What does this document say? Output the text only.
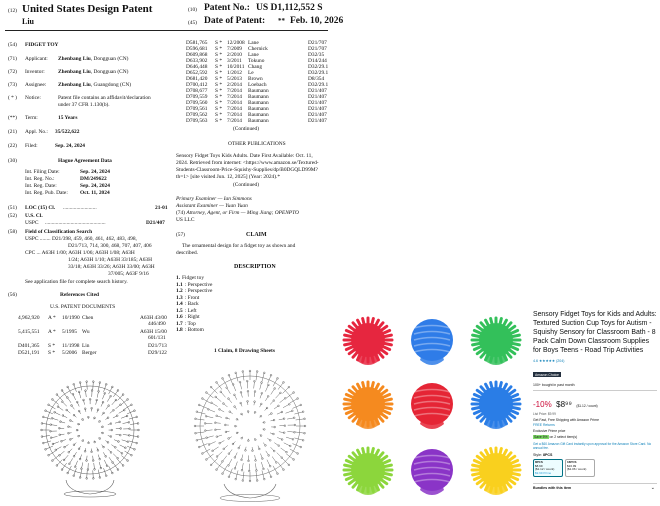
(12) United States Design Patent
Liu
(10) Patent No.: US D1,112,552 S
(45) Date of Patent: ** Feb. 10, 2026
(54) FIDGET TOY
(71) Applicant: Zhenbang Liu, Dongguan (CN)
(72) Inventor: Zhenbang Liu, Dongguan (CN)
(73) Assignee: Zhenbang Liu, Guangdong (CN)
( * ) Notice:	Patent file contains an affidavit/declaration
under 37 CFR 1.130(b).
(**) Term:	15 Years
(21) Appl. No.: 35/522,622
(22) Filed:	Sep. 24, 2024
(30)	Hague Agreement Data
Int. Filing Date:	Sep. 24, 2024
Int. Reg. No.:	DM/249622
Int. Reg. Date:	Sep. 24, 2024
Int. Reg. Pub. Date: Oct. 11, 2024
(51) LOC (15) Cl. .........................	21-01
(52) U.S. Cl.
USPC .............................................	D21/407
(58) Field of Classification Search
USPC ........ D21/398, 459, 460, 461, 462, 483, 498,
D21/713, 714, 300, 468, 707, 407, 406
CPC ... A63H 1/00; A63H 1/06; A63H 1/08; A63H
1/24; A63H 1/10; A63H 33/185; A63H
33/18; A63H 33/26; A63H 33/00; A63H
37/005; A63F 9/16
See application file for complete search history.
(56)	References Cited
U.S. PATENT DOCUMENTS
4,962,920 A * 10/1990 Chen	A63H 43/00
446/490
5,415,551 A * 5/1995 Wu	A63H 15/00
601/131
D401,365 S * 11/1998 Lin	D21/713
D521,191 S * 5/2006 Berger	D29/122
D581,765 S * 12/2008 Lane	D21/707
D596,681 S * 7/2009 Chernick	D21/707
D609,868 S * 2/2010 Lane	D32/35
D633,902 S * 3/2011 Tokuno	D14/244
D646,448 S * 10/2011 Chang	D32/29.1
D652,592 S * 1/2012 Le	D32/29.1
D681,420 S * 5/2013 Brown	D8/354
D700,412 S * 2/2014 Loebach	D32/29.1
D708,677 S * 7/2014 Baumann	D21/407
D709,559 S * 7/2014 Baumann	D21/407
D709,560 S * 7/2014 Baumann	D21/407
D709,561 S * 7/2014 Baumann	D21/407
D709,562 S * 7/2014 Baumann	D21/407
D709,563 S * 7/2014 Baumann	D21/407
(Continued)
OTHER PUBLICATIONS
Sensory Fidget Toys Kids Adults. Date First Available: Oct. 11,
2024. Retrieved from internet: <https://www.amazon.se/Textured-
Students-Classroom-Price-Squishy-Supplies/dp/B0DGQLD99M?
th=1> [site visited Jun. 12, 2025] (Year: 2024).*
(Continued)
Primary Examiner — Ian Simmons
Assistant Examiner — Yuan Yuan
(74) Attorney, Agent, or Firm — Ming Jiang; OPENPTO
US LLC
(57)	CLAIM
The ornamental design for a fidget toy as shown and
described.
DESCRIPTION
1. Fidget toy
1.1 : Perspective
1.2 : Perspective
1.3 : Front
1.4 : Back
1.5 : Left
1.6 : Right
1.7 : Top
1.8 : Bottom
1 Claim, 8 Drawing Sheets
Sensory Fidget Toys for Kids and Adults: Textured Suction Cup Toys for Autism - Squishy Sensory for Classroom Bath - 8 Pack Calm Down Classroom Supplies for Boys Teens - Road Trip Activities
4.6 ★★★★★ (204)
Amazon Choice
100+ bought in past month
-10% $8⁹⁹ ($1.12 / count)
List Price: $9.99
Get Fast, Free Shipping with Amazon Prime
FREE Returns
Exclusive Prime price
Save 5% on 2 select item(s)
Get a $60 Amazon Gift Card instantly upon approval for the Amazon Store Card. No annual fee.
Style: 8PCS
8PCS
$8.99
($1.12 / count)
$9.99 Prime
16PCS
$16.99
($1.06 / count)
Bundles with this item	⌄
